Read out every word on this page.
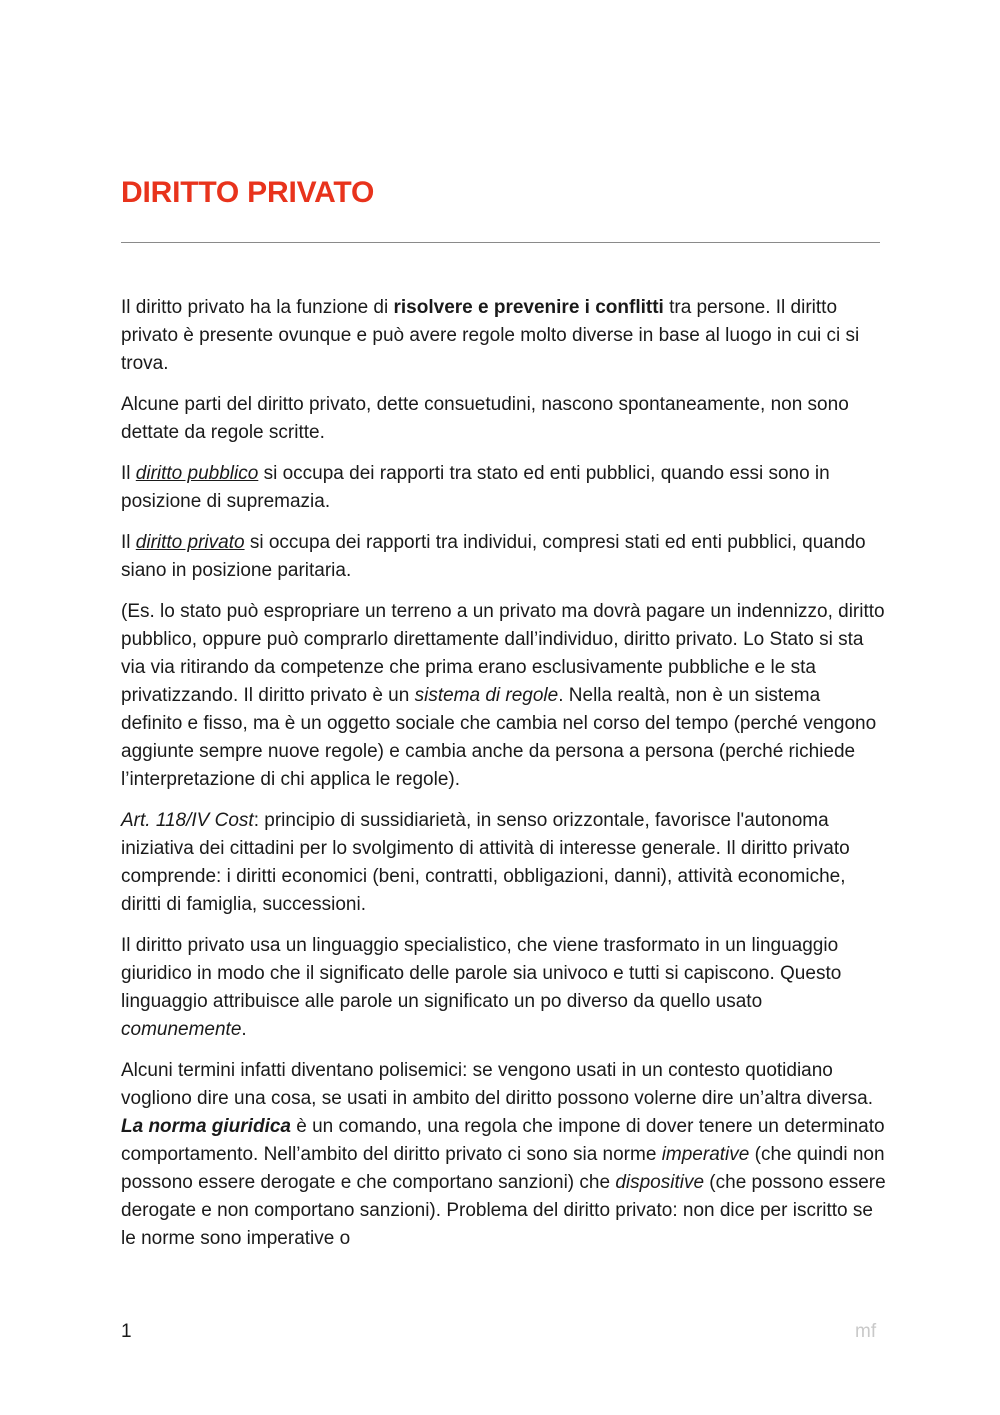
DIRITTO PRIVATO

Il diritto privato ha la funzione di risolvere e prevenire i conflitti tra persone. Il diritto privato è presente ovunque e può avere regole molto diverse in base al luogo in cui ci si trova.

Alcune parti del diritto privato, dette consuetudini, nascono spontaneamente, non sono dettate da regole scritte.

Il diritto pubblico si occupa dei rapporti tra stato ed enti pubblici, quando essi sono in posizione di supremazia.

Il diritto privato si occupa dei rapporti tra individui, compresi stati ed enti pubblici, quando siano in posizione paritaria.

(Es. lo stato può espropriare un terreno a un privato ma dovrà pagare un indennizzo, diritto pubblico, oppure può comprarlo direttamente dall’individuo, diritto privato. Lo Stato si sta via via ritirando da competenze che prima erano esclusivamente pubbliche e le sta privatizzando. Il diritto privato è un sistema di regole. Nella realtà, non è un sistema definito e fisso, ma è un oggetto sociale che cambia nel corso del tempo (perché vengono aggiunte sempre nuove regole) e cambia anche da persona a persona (perché richiede l’interpretazione di chi applica le regole).

Art. 118/IV Cost: principio di sussidiarietà, in senso orizzontale, favorisce l'autonoma iniziativa dei cittadini per lo svolgimento di attività di interesse generale. Il diritto privato comprende: i diritti economici (beni, contratti, obbligazioni, danni), attività economiche, diritti di famiglia, successioni.

Il diritto privato usa un linguaggio specialistico, che viene trasformato in un linguaggio giuridico in modo che il significato delle parole sia univoco e tutti si capiscono. Questo linguaggio attribuisce alle parole un significato un po diverso da quello usato comunemente.

Alcuni termini infatti diventano polisemici: se vengono usati in un contesto quotidiano vogliono dire una cosa, se usati in ambito del diritto possono volerne dire un’altra diversa.

La norma giuridica è un comando, una regola che impone di dover tenere un determinato comportamento. Nell’ambito del diritto privato ci sono sia norme imperative (che quindi non possono essere derogate e che comportano sanzioni) che dispositive (che possono essere derogate e non comportano sanzioni). Problema del diritto privato: non dice per iscritto se le norme sono imperative o

1	mf
